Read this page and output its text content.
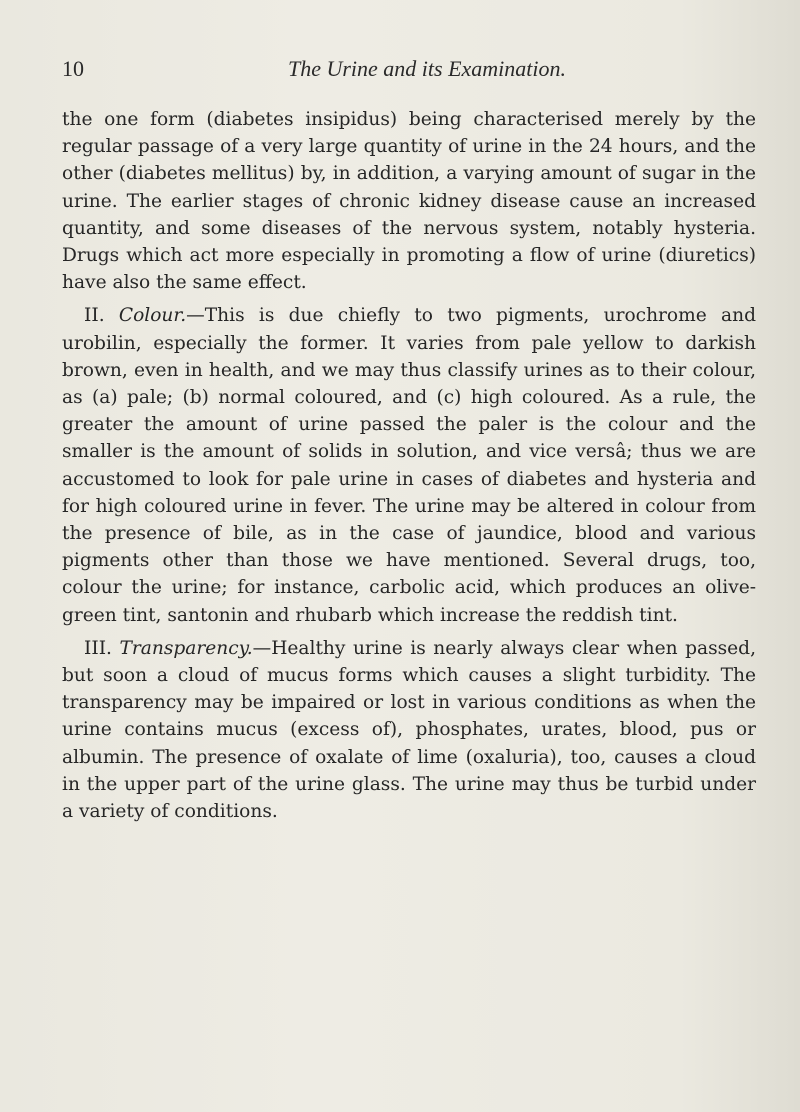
10	The Urine and its Examination.

the one form (diabetes insipidus) being characterised merely by the regular passage of a very large quantity of urine in the 24 hours, and the other (diabetes mellitus) by, in addition, a varying amount of sugar in the urine. The earlier stages of chronic kidney disease cause an increased quantity, and some diseases of the nervous system, notably hysteria. Drugs which act more especially in promoting a flow of urine (diuretics) have also the same effect.

II. Colour.—This is due chiefly to two pigments, urochrome and urobilin, especially the former. It varies from pale yellow to darkish brown, even in health, and we may thus classify urines as to their colour, as (a) pale; (b) normal coloured, and (c) high coloured. As a rule, the greater the amount of urine passed the paler is the colour and the smaller is the amount of solids in solution, and vice versâ; thus we are accustomed to look for pale urine in cases of diabetes and hysteria and for high coloured urine in fever. The urine may be altered in colour from the presence of bile, as in the case of jaundice, blood and various pigments other than those we have mentioned. Several drugs, too, colour the urine; for instance, carbolic acid, which produces an olive-green tint, santonin and rhubarb which increase the reddish tint.

III. Transparency.—Healthy urine is nearly always clear when passed, but soon a cloud of mucus forms which causes a slight turbidity. The transparency may be impaired or lost in various conditions as when the urine contains mucus (excess of), phosphates, urates, blood, pus or albumin. The presence of oxalate of lime (oxaluria), too, causes a cloud in the upper part of the urine glass. The urine may thus be turbid under a variety of conditions.
